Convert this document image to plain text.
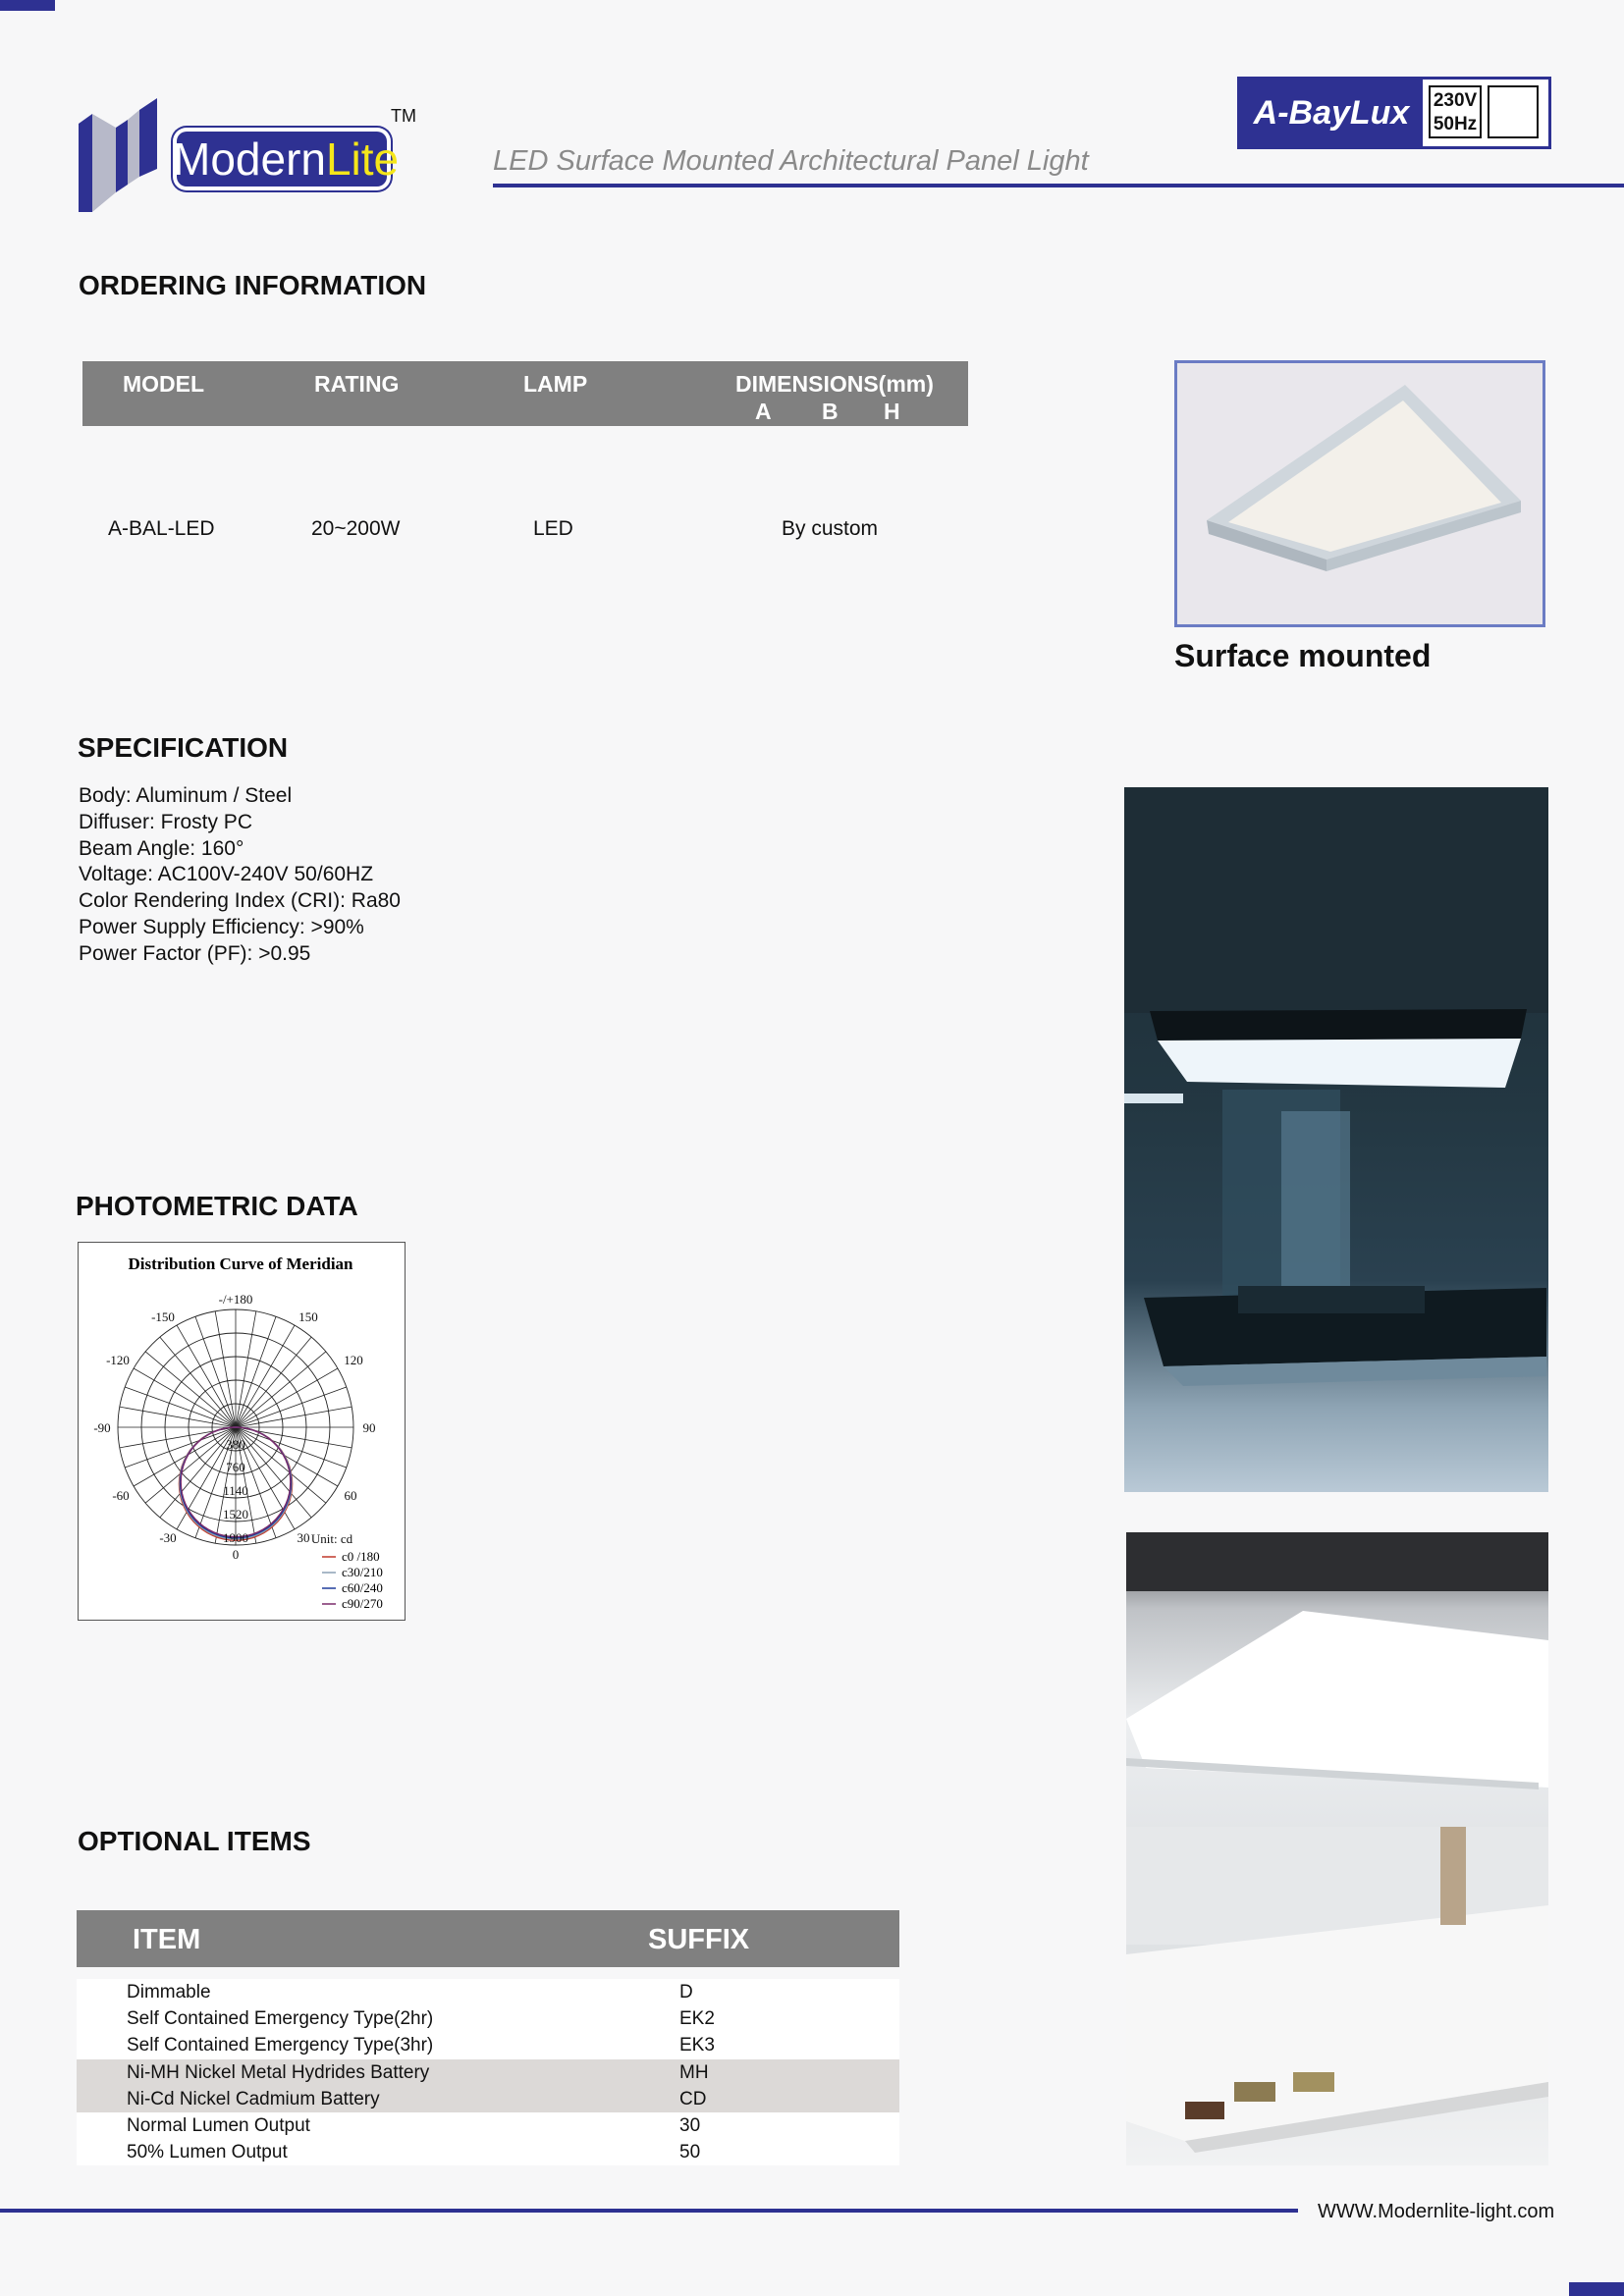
ModernLite
TM	A-BayLux	230V
50Hz
LED Surface Mounted Architectural Panel Light
ORDERING INFORMATION
MODEL	RATING	LAMP	DIMENSIONS(mm)
A B H
A-BAL-LED	20~200W	LED	By custom
Surface mounted
SPECIFICATION
Body: Aluminum / Steel
Diffuser: Frosty PC
Beam Angle: 160°
Voltage: AC100V-240V 50/60HZ
Color Rendering Index (CRI): Ra80
Power Supply Efficiency: >90%
Power Factor (PF): >0.95
PHOTOMETRIC DATA
Distribution Curve of Meridian
-/+180
-150	150
-120	120
-90	90
-60	60
-30	30
0
380
760
1140
1520
1900	Unit: cd
c0 /180
c30/210
c60/240
c90/270
OPTIONAL ITEMS
ITEM	SUFFIX
Dimmable	D
Self Contained Emergency Type(2hr)	EK2
Self Contained Emergency Type(3hr)	EK3
Ni-MH Nickel Metal Hydrides Battery	MH
Ni-Cd Nickel Cadmium Battery	CD
Normal Lumen Output	30
50% Lumen Output	50
WWW.Modernlite-light.com
